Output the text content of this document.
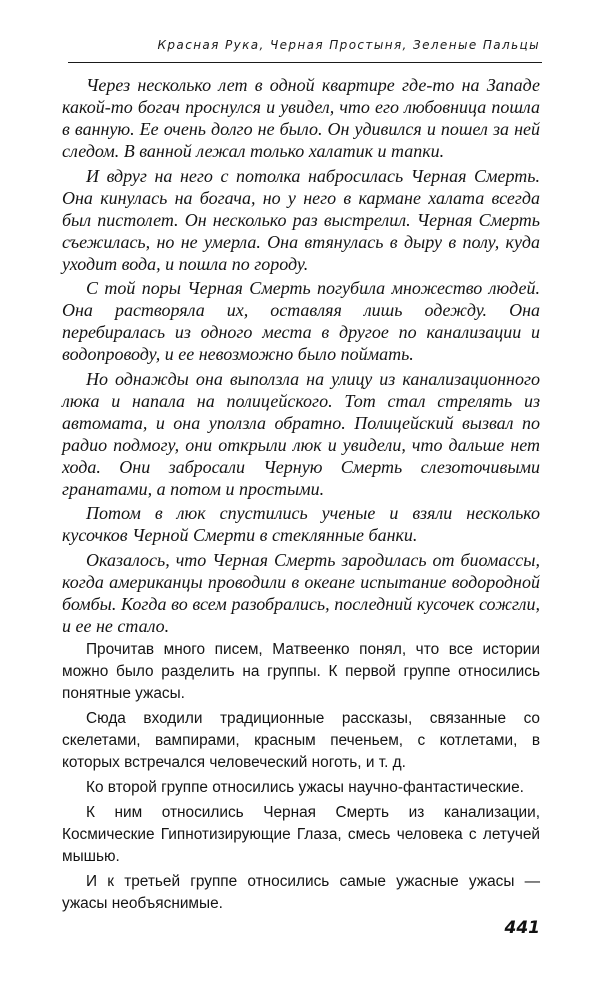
Красная Рука, Черная Простыня, Зеленые Пальцы

Через несколько лет в одной квартире где-то на Западе какой-то богач проснулся и увидел, что его любовница пошла в ванную. Ее очень долго не было. Он удивился и пошел за ней следом. В ванной лежал только халатик и тапки.

И вдруг на него с потолка набросилась Черная Смерть. Она кинулась на богача, но у него в кармане халата всегда был пистолет. Он несколько раз выстрелил. Черная Смерть съежилась, но не умерла. Она втянулась в дыру в полу, куда уходит вода, и пошла по городу.

С той поры Черная Смерть погубила множество людей. Она растворяла их, оставляя лишь одежду. Она перебиралась из одного места в другое по канализации и водопроводу, и ее невозможно было поймать.

Но однажды она выползла на улицу из канализационного люка и напала на полицейского. Тот стал стрелять из автомата, и она уползла обратно. Полицейский вызвал по радио подмогу, они открыли люк и увидели, что дальше нет хода. Они забросали Черную Смерть слезоточивыми гранатами, а потом и простыми.

Потом в люк спустились ученые и взяли несколько кусочков Черной Смерти в стеклянные банки.

Оказалось, что Черная Смерть зародилась от биомассы, когда американцы проводили в океане испытание водородной бомбы. Когда во всем разобрались, последний кусочек сожгли, и ее не стало.

Прочитав много писем, Матвеенко понял, что все истории можно было разделить на группы. К первой группе относились понятные ужасы.

Сюда входили традиционные рассказы, связанные со скелетами, вампирами, красным печеньем, с котлетами, в которых встречался человеческий ноготь, и т. д.

Ко второй группе относились ужасы научно-фантастические.

К ним относились Черная Смерть из канализации, Космические Гипнотизирующие Глаза, смесь человека с летучей мышью.

И к третьей группе относились самые ужасные ужасы — ужасы необъяснимые.

441
